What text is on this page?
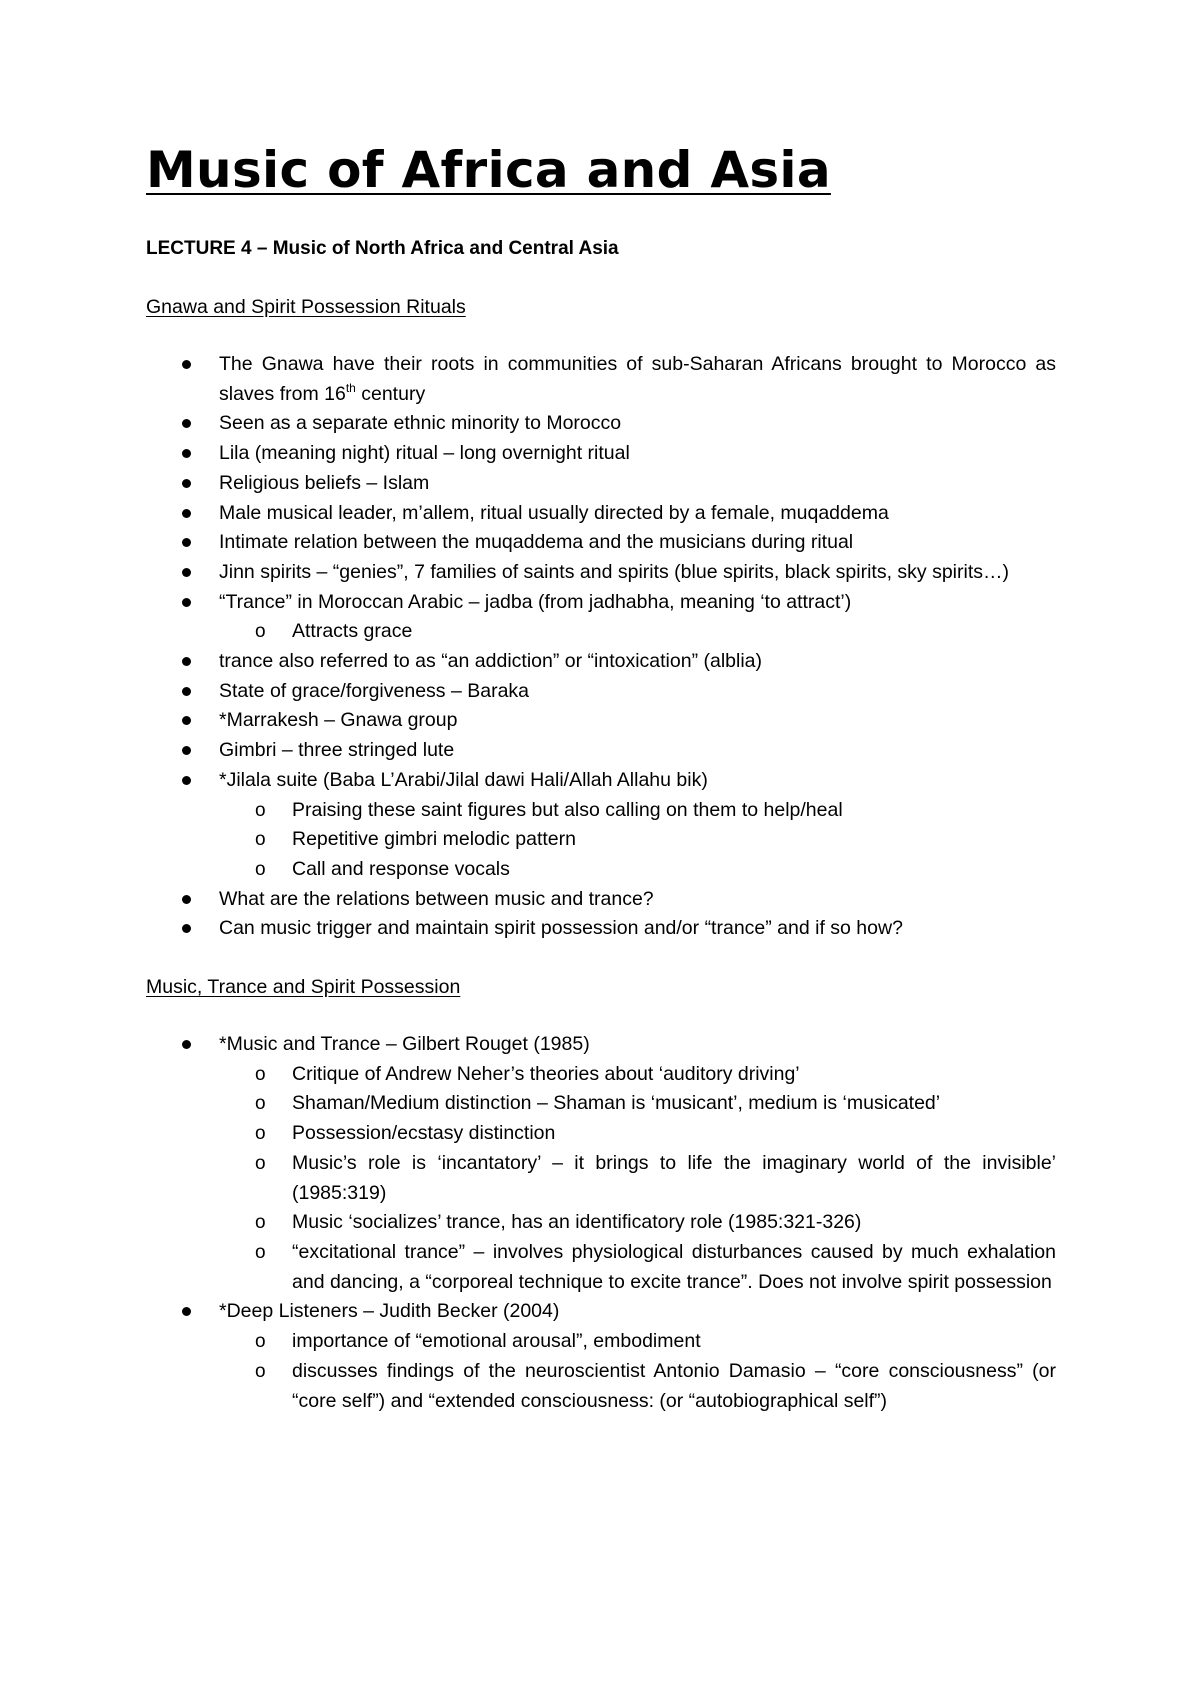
Music of Africa and Asia

LECTURE 4 – Music of North Africa and Central Asia

Gnawa and Spirit Possession Rituals

The Gnawa have their roots in communities of sub-Saharan Africans brought to Morocco as slaves from 16th century
Seen as a separate ethnic minority to Morocco
Lila (meaning night) ritual – long overnight ritual
Religious beliefs – Islam
Male musical leader, m’allem, ritual usually directed by a female, muqaddema
Intimate relation between the muqaddema and the musicians during ritual
Jinn spirits – “genies”, 7 families of saints and spirits (blue spirits, black spirits, sky spirits…)
“Trance” in Moroccan Arabic – jadba (from jadhabha, meaning ‘to attract’)
o Attracts grace
trance also referred to as “an addiction” or “intoxication” (alblia)
State of grace/forgiveness – Baraka
*Marrakesh – Gnawa group
Gimbri – three stringed lute
*Jilala suite (Baba L’Arabi/Jilal dawi Hali/Allah Allahu bik)
o Praising these saint figures but also calling on them to help/heal
o Repetitive gimbri melodic pattern
o Call and response vocals
What are the relations between music and trance?
Can music trigger and maintain spirit possession and/or “trance” and if so how?

Music, Trance and Spirit Possession

*Music and Trance – Gilbert Rouget (1985)
o Critique of Andrew Neher’s theories about ‘auditory driving’
o Shaman/Medium distinction – Shaman is ‘musicant’, medium is ‘musicated’
o Possession/ecstasy distinction
o Music’s role is ‘incantatory’ – it brings to life the imaginary world of the invisible’ (1985:319)
o Music ‘socializes’ trance, has an identificatory role (1985:321-326)
o “excitational trance” – involves physiological disturbances caused by much exhalation and dancing, a “corporeal technique to excite trance”. Does not involve spirit possession
*Deep Listeners – Judith Becker (2004)
o importance of “emotional arousal”, embodiment
o discusses findings of the neuroscientist Antonio Damasio – “core consciousness” (or “core self”) and “extended consciousness: (or “autobiographical self”)
